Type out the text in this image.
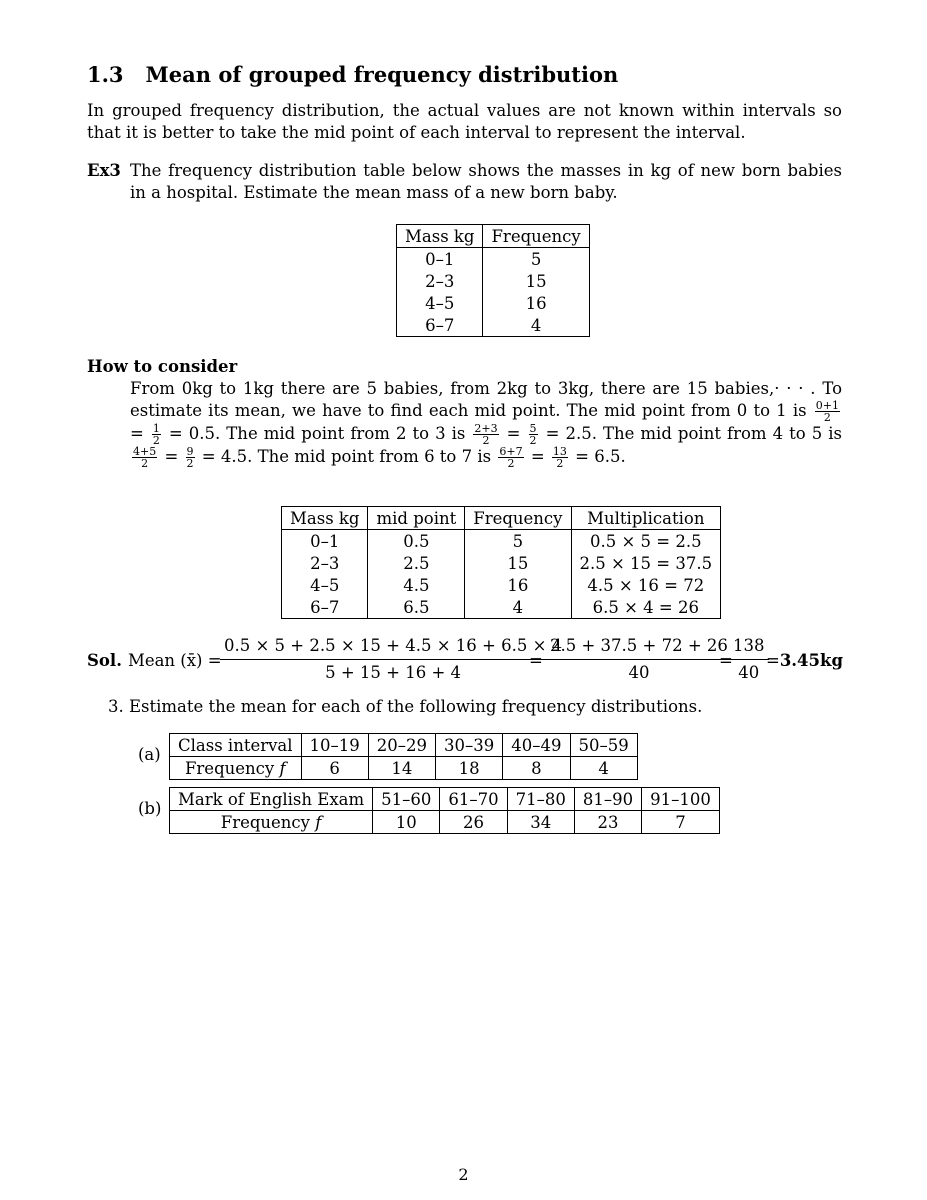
1.3 Mean of grouped frequency distribution
In grouped frequency distribution, the actual values are not known within intervals so that it is better to take the mid point of each interval to represent the interval.
Ex3 The frequency distribution table below shows the masses in kg of new born babies in a hospital. Estimate the mean mass of a new born baby.
Mass kg	Frequency
0–1	5
2–3	15
4–5	16
6–7	4
How to consider
From 0kg to 1kg there are 5 babies, from 2kg to 3kg, there are 15 babies,· · · . To estimate its mean, we have to find each mid point. The mid point from 0 to 1 is $\frac{0+1}{2}$
= $\frac{1}{2} = 0.5$. The mid point from 2 to 3 is $\frac{2+3}{2} = \frac{5}{2} = 2.5$. The mid point from 4 to 5 is
$\frac{4+5}{2} = \frac{9}{2} = 4.5$. The mid point from 6 to 7 is $\frac{6+7}{2} = \frac{13}{2} = 6.5$.
Mass kg	mid point	Frequency	Multiplication
0–1	0.5	5	0.5 × 5 = 2.5
2–3	2.5	15	2.5 × 15 = 37.5
4–5	4.5	16	4.5 × 16 = 72
6–7	6.5	4	6.5 × 4 = 26
Sol. Mean (x̄) =
$\frac{0.5 \times 5 + 2.5 \times 15 + 4.5 \times 16 + 6.5 \times 4}{5 + 15 + 16 + 4}$
= $\frac{2.5 + 37.5 + 72 + 26}{40}$
=
$\frac{138}{40}$
=3.45kg
3. Estimate the mean for each of the following frequency distributions.
(a) Class interval	10–19	20–29	30–39	40–49	50–59
Frequency f	6	14	18	8	4
(b) Mark of English Exam	51–60	61–70	71–80	81–90	91–100
Frequency f	10	26	34	23	7
2
